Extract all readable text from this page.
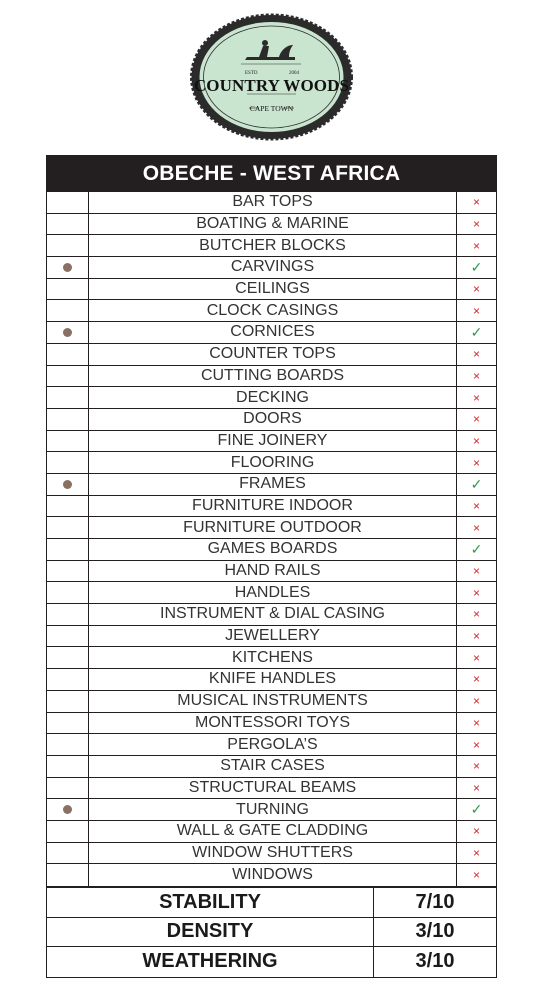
ESTD	2004
COUNTRY WOODS
CAPE TOWN
OBECHE - WEST AFRICA
BAR TOPS	×
BOATING & MARINE	×
BUTCHER BLOCKS	×
CARVINGS	✓
CEILINGS	×
CLOCK CASINGS	×
CORNICES	✓
COUNTER TOPS	×
CUTTING BOARDS	×
DECKING	×
DOORS	×
FINE JOINERY	×
FLOORING	×
FRAMES	✓
FURNITURE INDOOR	×
FURNITURE OUTDOOR	×
GAMES BOARDS	✓
HAND RAILS	×
HANDLES	×
INSTRUMENT & DIAL CASING	×
JEWELLERY	×
KITCHENS	×
KNIFE HANDLES	×
MUSICAL INSTRUMENTS	×
MONTESSORI TOYS	×
PERGOLA’S	×
STAIR CASES	×
STRUCTURAL BEAMS	×
TURNING	✓
WALL & GATE CLADDING	×
WINDOW SHUTTERS	×
WINDOWS	×
STABILITY	7/10
DENSITY	3/10
WEATHERING	3/10
